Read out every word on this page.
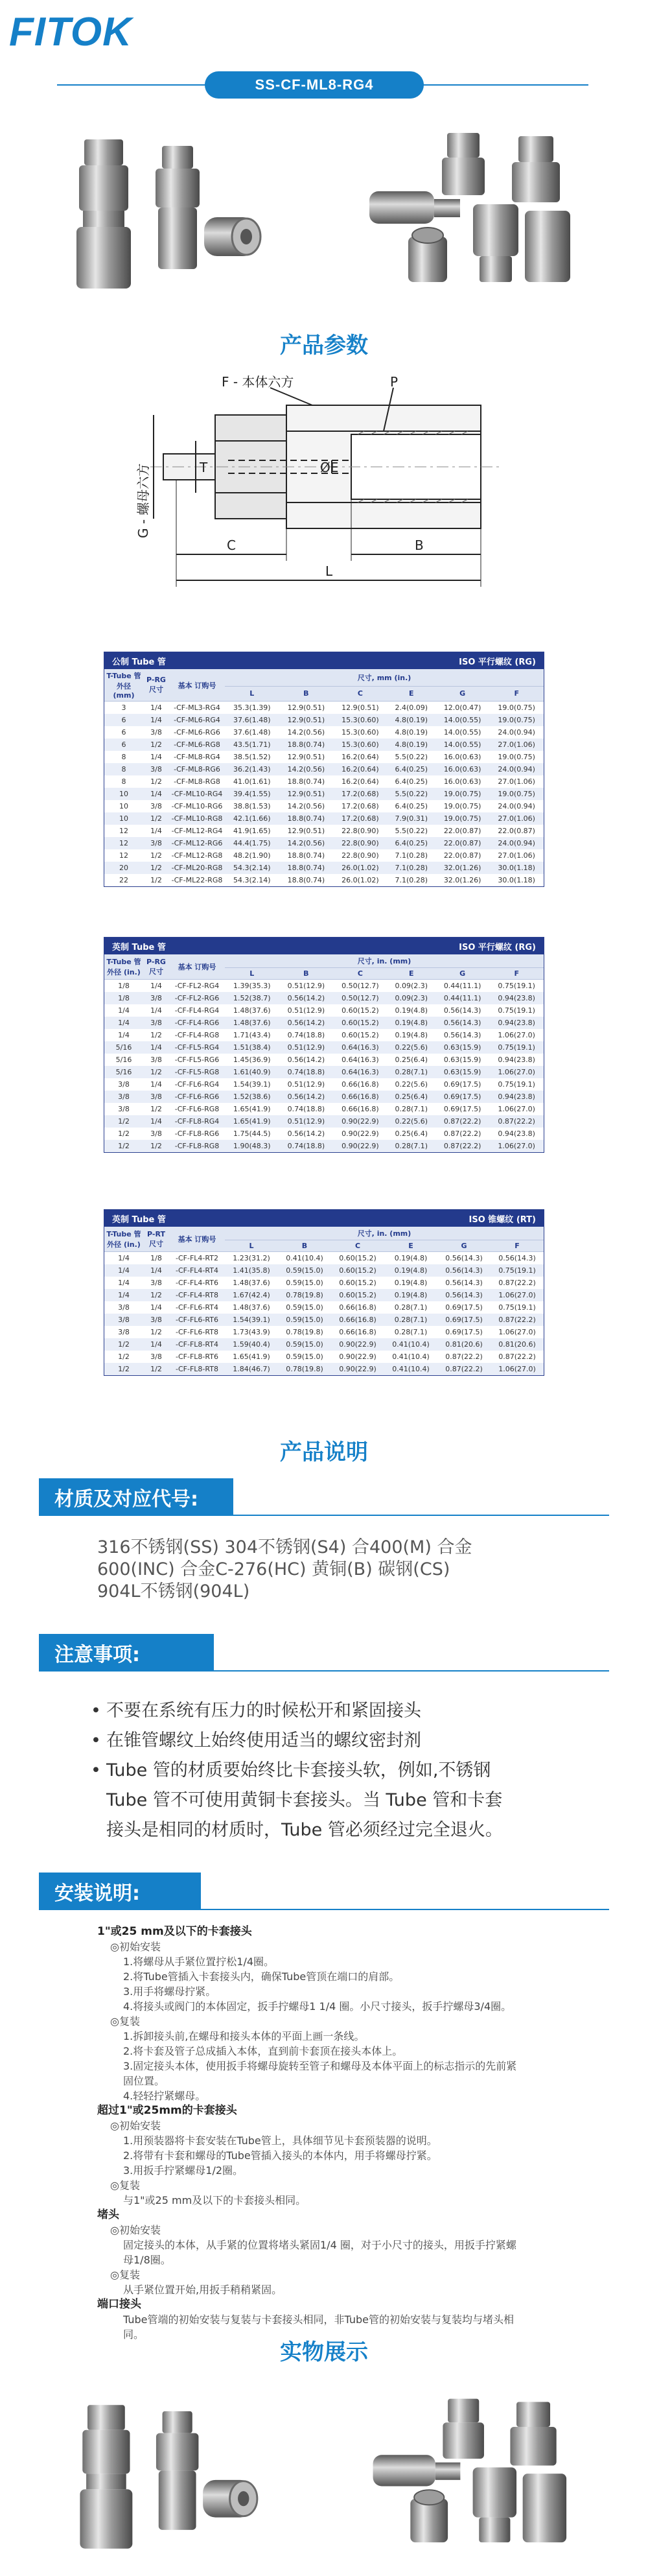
FITOK
SS-CF-ML8-RG4
产品参数
F - 本体六方	P
G - 螺母六方	T	ØE
C	B
L
公制 Tube 管	ISO 平行螺纹 (RG)
T-Tube 管外径 (mm)	P-RG 尺寸	基本 订购号	尺寸, mm (in.)					
			L	B	C	E	G	F
3	1/4	-CF-ML3-RG4	35.3(1.39)	12.9(0.51)	12.9(0.51)	2.4(0.09)	12.0(0.47)	19.0(0.75)
6	1/4	-CF-ML6-RG4	37.6(1.48)	12.9(0.51)	15.3(0.60)	4.8(0.19)	14.0(0.55)	19.0(0.75)
6	3/8	-CF-ML6-RG6	37.6(1.48)	14.2(0.56)	15.3(0.60)	4.8(0.19)	14.0(0.55)	24.0(0.94)
6	1/2	-CF-ML6-RG8	43.5(1.71)	18.8(0.74)	15.3(0.60)	4.8(0.19)	14.0(0.55)	27.0(1.06)
8	1/4	-CF-ML8-RG4	38.5(1.52)	12.9(0.51)	16.2(0.64)	5.5(0.22)	16.0(0.63)	19.0(0.75)
8	3/8	-CF-ML8-RG6	36.2(1.43)	14.2(0.56)	16.2(0.64)	6.4(0.25)	16.0(0.63)	24.0(0.94)
8	1/2	-CF-ML8-RG8	41.0(1.61)	18.8(0.74)	16.2(0.64)	6.4(0.25)	16.0(0.63)	27.0(1.06)
10	1/4	-CF-ML10-RG4	39.4(1.55)	12.9(0.51)	17.2(0.68)	5.5(0.22)	19.0(0.75)	19.0(0.75)
10	3/8	-CF-ML10-RG6	38.8(1.53)	14.2(0.56)	17.2(0.68)	6.4(0.25)	19.0(0.75)	24.0(0.94)
10	1/2	-CF-ML10-RG8	42.1(1.66)	18.8(0.74)	17.2(0.68)	7.9(0.31)	19.0(0.75)	27.0(1.06)
12	1/4	-CF-ML12-RG4	41.9(1.65)	12.9(0.51)	22.8(0.90)	5.5(0.22)	22.0(0.87)	22.0(0.87)
12	3/8	-CF-ML12-RG6	44.4(1.75)	14.2(0.56)	22.8(0.90)	6.4(0.25)	22.0(0.87)	24.0(0.94)
12	1/2	-CF-ML12-RG8	48.2(1.90)	18.8(0.74)	22.8(0.90)	7.1(0.28)	22.0(0.87)	27.0(1.06)
20	1/2	-CF-ML20-RG8	54.3(2.14)	18.8(0.74)	26.0(1.02)	7.1(0.28)	32.0(1.26)	30.0(1.18)
22	1/2	-CF-ML22-RG8	54.3(2.14)	18.8(0.74)	26.0(1.02)	7.1(0.28)	32.0(1.26)	30.0(1.18)
英制 Tube 管	ISO 平行螺纹 (RG)
T-Tube 管外径 (in.)	P-RG 尺寸	基本 订购号	尺寸, in. (mm)					
			L	B	C	E	G	F
1/8	1/4	-CF-FL2-RG4	1.39(35.3)	0.51(12.9)	0.50(12.7)	0.09(2.3)	0.44(11.1)	0.75(19.1)
1/8	3/8	-CF-FL2-RG6	1.52(38.7)	0.56(14.2)	0.50(12.7)	0.09(2.3)	0.44(11.1)	0.94(23.8)
1/4	1/4	-CF-FL4-RG4	1.48(37.6)	0.51(12.9)	0.60(15.2)	0.19(4.8)	0.56(14.3)	0.75(19.1)
1/4	3/8	-CF-FL4-RG6	1.48(37.6)	0.56(14.2)	0.60(15.2)	0.19(4.8)	0.56(14.3)	0.94(23.8)
1/4	1/2	-CF-FL4-RG8	1.71(43.4)	0.74(18.8)	0.60(15.2)	0.19(4.8)	0.56(14.3)	1.06(27.0)
5/16	1/4	-CF-FL5-RG4	1.51(38.4)	0.51(12.9)	0.64(16.3)	0.22(5.6)	0.63(15.9)	0.75(19.1)
5/16	3/8	-CF-FL5-RG6	1.45(36.9)	0.56(14.2)	0.64(16.3)	0.25(6.4)	0.63(15.9)	0.94(23.8)
5/16	1/2	-CF-FL5-RG8	1.61(40.9)	0.74(18.8)	0.64(16.3)	0.28(7.1)	0.63(15.9)	1.06(27.0)
3/8	1/4	-CF-FL6-RG4	1.54(39.1)	0.51(12.9)	0.66(16.8)	0.22(5.6)	0.69(17.5)	0.75(19.1)
3/8	3/8	-CF-FL6-RG6	1.52(38.6)	0.56(14.2)	0.66(16.8)	0.25(6.4)	0.69(17.5)	0.94(23.8)
3/8	1/2	-CF-FL6-RG8	1.65(41.9)	0.74(18.8)	0.66(16.8)	0.28(7.1)	0.69(17.5)	1.06(27.0)
1/2	1/4	-CF-FL8-RG4	1.65(41.9)	0.51(12.9)	0.90(22.9)	0.22(5.6)	0.87(22.2)	0.87(22.2)
1/2	3/8	-CF-FL8-RG6	1.75(44.5)	0.56(14.2)	0.90(22.9)	0.25(6.4)	0.87(22.2)	0.94(23.8)
1/2	1/2	-CF-FL8-RG8	1.90(48.3)	0.74(18.8)	0.90(22.9)	0.28(7.1)	0.87(22.2)	1.06(27.0)
英制 Tube 管	ISO 锥螺纹 (RT)
T-Tube 管外径 (in.)	P-RT 尺寸	基本 订购号	尺寸, in. (mm)					
			L	B	C	E	G	F
1/4	1/8	-CF-FL4-RT2	1.23(31.2)	0.41(10.4)	0.60(15.2)	0.19(4.8)	0.56(14.3)	0.56(14.3)
1/4	1/4	-CF-FL4-RT4	1.41(35.8)	0.59(15.0)	0.60(15.2)	0.19(4.8)	0.56(14.3)	0.75(19.1)
1/4	3/8	-CF-FL4-RT6	1.48(37.6)	0.59(15.0)	0.60(15.2)	0.19(4.8)	0.56(14.3)	0.87(22.2)
1/4	1/2	-CF-FL4-RT8	1.67(42.4)	0.78(19.8)	0.60(15.2)	0.19(4.8)	0.56(14.3)	1.06(27.0)
3/8	1/4	-CF-FL6-RT4	1.48(37.6)	0.59(15.0)	0.66(16.8)	0.28(7.1)	0.69(17.5)	0.75(19.1)
3/8	3/8	-CF-FL6-RT6	1.54(39.1)	0.59(15.0)	0.66(16.8)	0.28(7.1)	0.69(17.5)	0.87(22.2)
3/8	1/2	-CF-FL6-RT8	1.73(43.9)	0.78(19.8)	0.66(16.8)	0.28(7.1)	0.69(17.5)	1.06(27.0)
1/2	1/4	-CF-FL8-RT4	1.59(40.4)	0.59(15.0)	0.90(22.9)	0.41(10.4)	0.81(20.6)	0.81(20.6)
1/2	3/8	-CF-FL8-RT6	1.65(41.9)	0.59(15.0)	0.90(22.9)	0.41(10.4)	0.87(22.2)	0.87(22.2)
1/2	1/2	-CF-FL8-RT8	1.84(46.7)	0.78(19.8)	0.90(22.9)	0.41(10.4)	0.87(22.2)	1.06(27.0)
产品说明
材质及对应代号:
316不锈钢(SS) 304不锈钢(S4) 合400(M) 合金
600(INC) 合金C-276(HC) 黄铜(B) 碳钢(CS)
904L不锈钢(904L)
注意事项:
• 不要在系统有压力的时候松开和紧固接头
• 在锥管螺纹上始终使用适当的螺纹密封剂
• Tube 管的材质要始终比卡套接头软，例如,不锈钢
Tube 管不可使用黄铜卡套接头。当 Tube 管和卡套
接头是相同的材质时，Tube 管必须经过完全退火。
安装说明:
1"或25 mm及以下的卡套接头
◎初始安装
1.将螺母从手紧位置拧松1/4圈。
2.将Tube管插入卡套接头内，确保Tube管顶在端口的肩部。
3.用手将螺母拧紧。
4.将接头或阀门的本体固定，扳手拧螺母1 1/4 圈。小尺寸接头，扳手拧螺母3/4圈。
◎复装
1.拆卸接头前,在螺母和接头本体的平面上画一条线。
2.将卡套及管子总成插入本体，直到前卡套顶在接头本体上。
3.固定接头本体，使用扳手将螺母旋转至管子和螺母及本体平面上的标志指示的先前紧
固位置。
4.轻轻拧紧螺母。
超过1"或25mm的卡套接头
◎初始安装
1.用预装器将卡套安装在Tube管上，具体细节见卡套预装器的说明。
2.将带有卡套和螺母的Tube管插入接头的本体内，用手将螺母拧紧。
3.用扳手拧紧螺母1/2圈。
◎复装
与1"或25 mm及以下的卡套接头相同。
堵头
◎初始安装
固定接头的本体，从手紧的位置将堵头紧固1/4 圈，对于小尺寸的接头，用扳手拧紧螺
母1/8圈。
◎复装
从手紧位置开始,用扳手稍稍紧固。
端口接头
Tube管端的初始安装与复装与卡套接头相同，非Tube管的初始安装与复装均与堵头相
同。
实物展示
